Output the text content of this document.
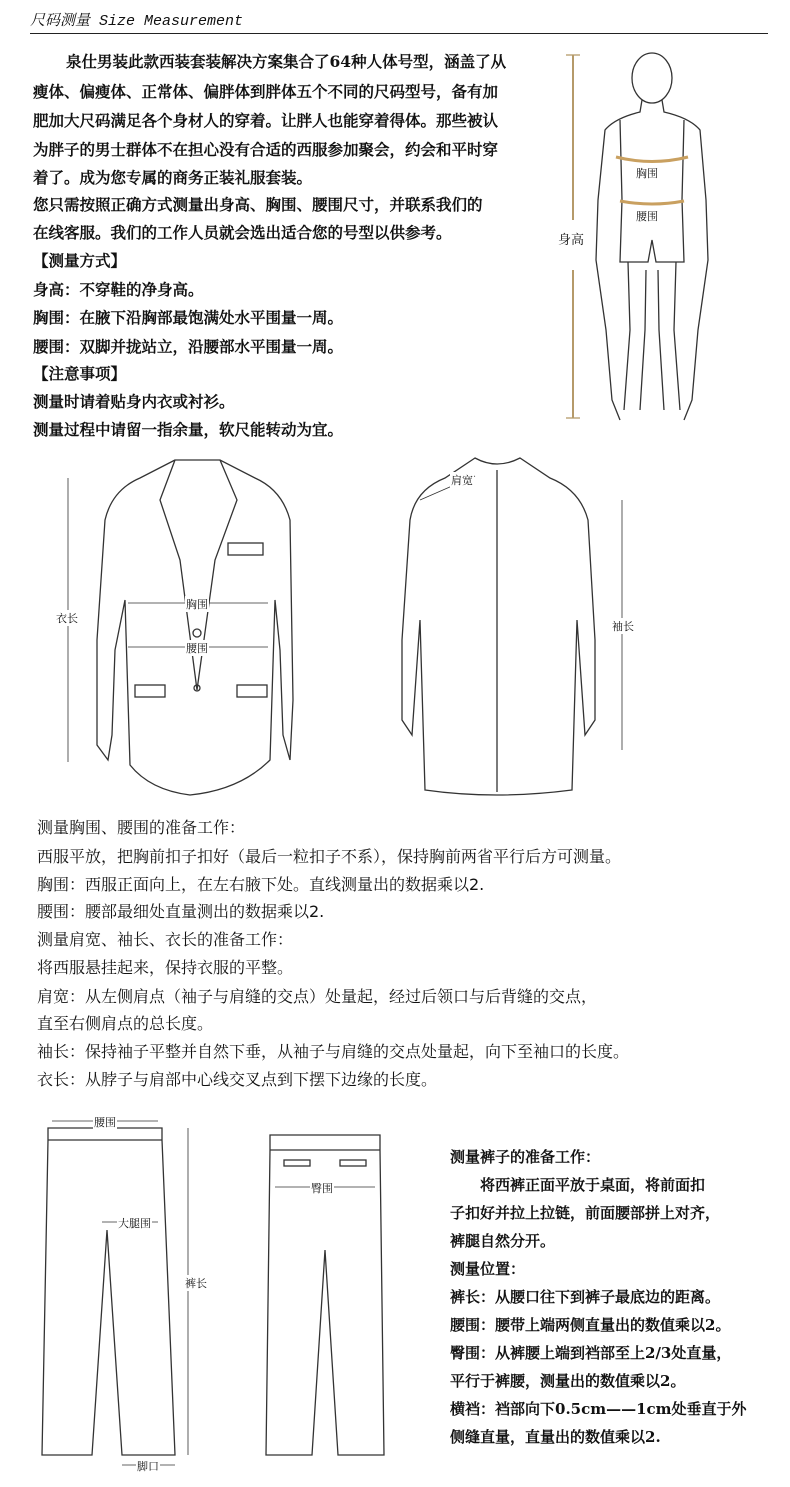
尺码测量 Size Measurement
泉仕男装此款西装套装解决方案集合了64种人体号型，涵盖了从
瘦体、偏瘦体、正常体、偏胖体到胖体五个不同的尺码型号，备有加
肥加大尺码满足各个身材人的穿着。让胖人也能穿着得体。那些被认
为胖子的男士群体不在担心没有合适的西服参加聚会，约会和平时穿
着了。成为您专属的商务正装礼服套装。
您只需按照正确方式测量出身高、胸围、腰围尺寸，并联系我们的
在线客服。我们的工作人员就会选出适合您的号型以供参考。
【测量方式】
身高：不穿鞋的净身高。
胸围：在腋下沿胸部最饱满处水平围量一周。
腰围：双脚并拢站立，沿腰部水平围量一周。
【注意事项】
测量时请着贴身内衣或衬衫。
测量过程中请留一指余量，软尺能转动为宜。
身高
胸围
腰围
衣长
胸围
腰围
肩宽
袖长
腰围
大腿围
裤长
脚口
臀围
测量胸围、腰围的准备工作：
西服平放，把胸前扣子扣好（最后一粒扣子不系），保持胸前两省平行后方可测量。
胸围：西服正面向上，在左右腋下处。直线测量出的数据乘以2.
腰围：腰部最细处直量测出的数据乘以2.
测量肩宽、袖长、衣长的准备工作：
将西服悬挂起来，保持衣服的平整。
肩宽：从左侧肩点（袖子与肩缝的交点）处量起，经过后领口与后背缝的交点，
直至右侧肩点的总长度。
袖长：保持袖子平整并自然下垂，从袖子与肩缝的交点处量起，向下至袖口的长度。
衣长：从脖子与肩部中心线交叉点到下摆下边缘的长度。
测量裤子的准备工作：
　　将西裤正面平放于桌面，将前面扣
子扣好并拉上拉链，前面腰部拼上对齐，
裤腿自然分开。
测量位置：
裤长：从腰口往下到裤子最底边的距离。
腰围：腰带上端两侧直量出的数值乘以2。
臀围：从裤腰上端到裆部至上2/3处直量，
平行于裤腰，测量出的数值乘以2。
横裆：裆部向下0.5cm——1cm处垂直于外
侧缝直量，直量出的数值乘以2.
